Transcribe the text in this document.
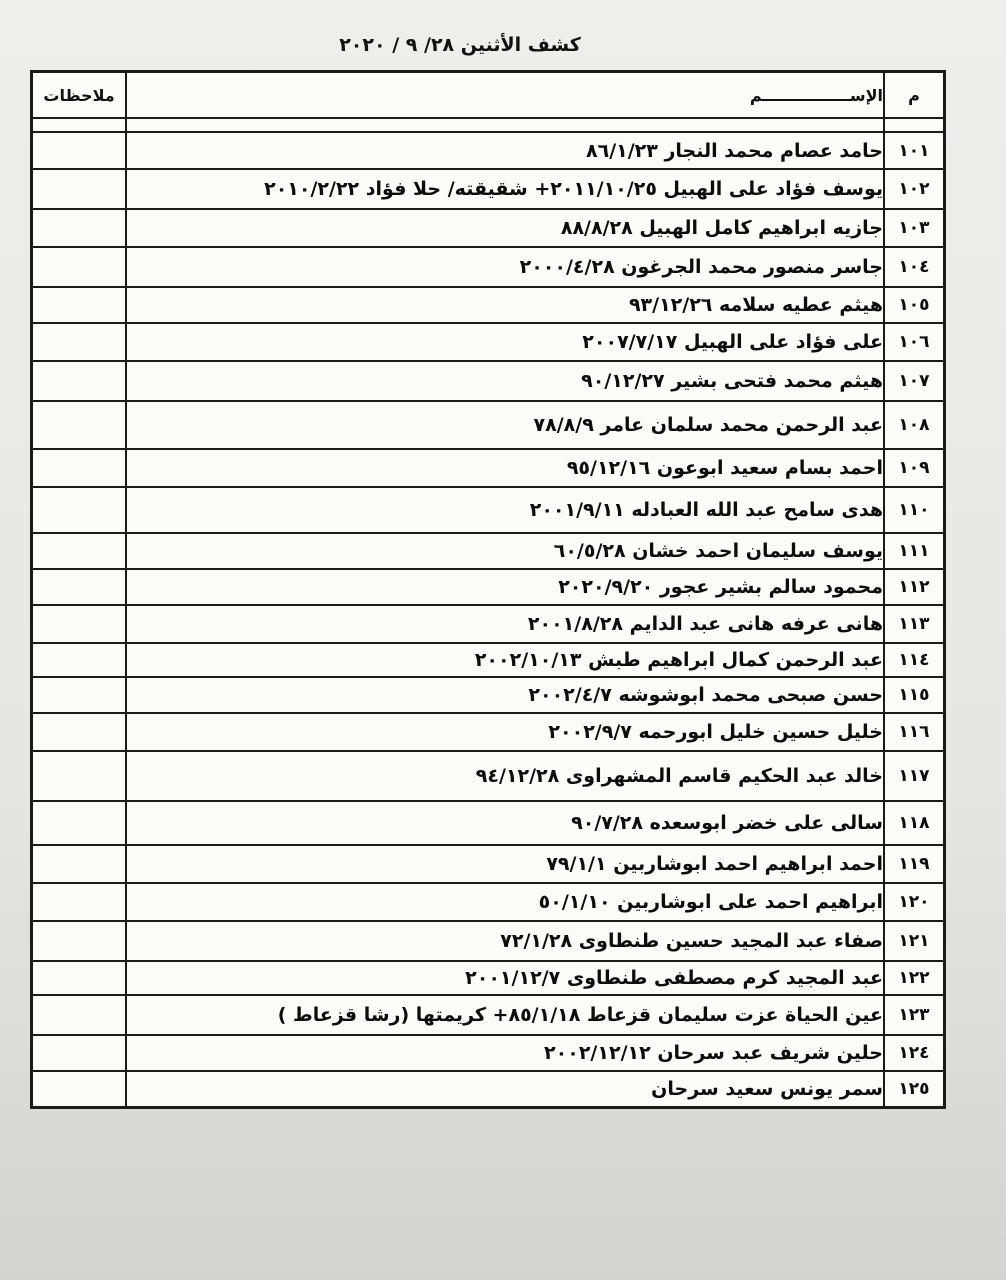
كشف الأثنين ٢٨/ ٩ / ٢٠٢٠
م	الإســــــــــــــــم	ملاحظات

١٠١	حامد عصام محمد النجار ٨٦/١/٢٣	
١٠٢	يوسف فؤاد على الهبيل ٢٠١١/١٠/٢٥+ شقيقته/ حلا فؤاد ٢٠١٠/٢/٢٢	
١٠٣	جازيه ابراهيم كامل الهبيل ٨٨/٨/٢٨	
١٠٤	جاسر منصور محمد الجرغون ٢٠٠٠/٤/٢٨	
١٠٥	هيثم عطيه سلامه ٩٣/١٢/٢٦	
١٠٦	على فؤاد على الهبيل ٢٠٠٧/٧/١٧	
١٠٧	هيثم محمد فتحى بشير ٩٠/١٢/٢٧	
١٠٨	عبد الرحمن محمد سلمان عامر ٧٨/٨/٩	
١٠٩	احمد بسام سعيد ابوعون ٩٥/١٢/١٦	
١١٠	هدى سامح عبد الله العبادله ٢٠٠١/٩/١١	
١١١	يوسف سليمان احمد خشان ٦٠/٥/٢٨	
١١٢	محمود سالم بشير عجور ٢٠٢٠/٩/٢٠	
١١٣	هانى عرفه هانى عبد الدايم ٢٠٠١/٨/٢٨	
١١٤	عبد الرحمن كمال ابراهيم طبش ٢٠٠٢/١٠/١٣	
١١٥	حسن صبحى محمد ابوشوشه ٢٠٠٢/٤/٧	
١١٦	خليل حسين خليل ابورحمه ٢٠٠٢/٩/٧	
١١٧	خالد عبد الحكيم قاسم المشهراوى ٩٤/١٢/٢٨	
١١٨	سالى على خضر ابوسعده ٩٠/٧/٢٨	
١١٩	احمد ابراهيم احمد ابوشاربين ٧٩/١/١	
١٢٠	ابراهيم احمد على ابوشاربين ٥٠/١/١٠	
١٢١	صفاء عبد المجيد حسين طنطاوى ٧٢/١/٢٨	
١٢٢	عبد المجيد كرم مصطفى طنطاوى ٢٠٠١/١٢/٧	
١٢٣	عين الحياة عزت سليمان قزعاط ٨٥/١/١٨+ كريمتها (رشا قزعاط )	
١٢٤	حلين شريف عبد سرحان ٢٠٠٢/١٢/١٢	
١٢٥	سمر يونس سعيد سرحان	
